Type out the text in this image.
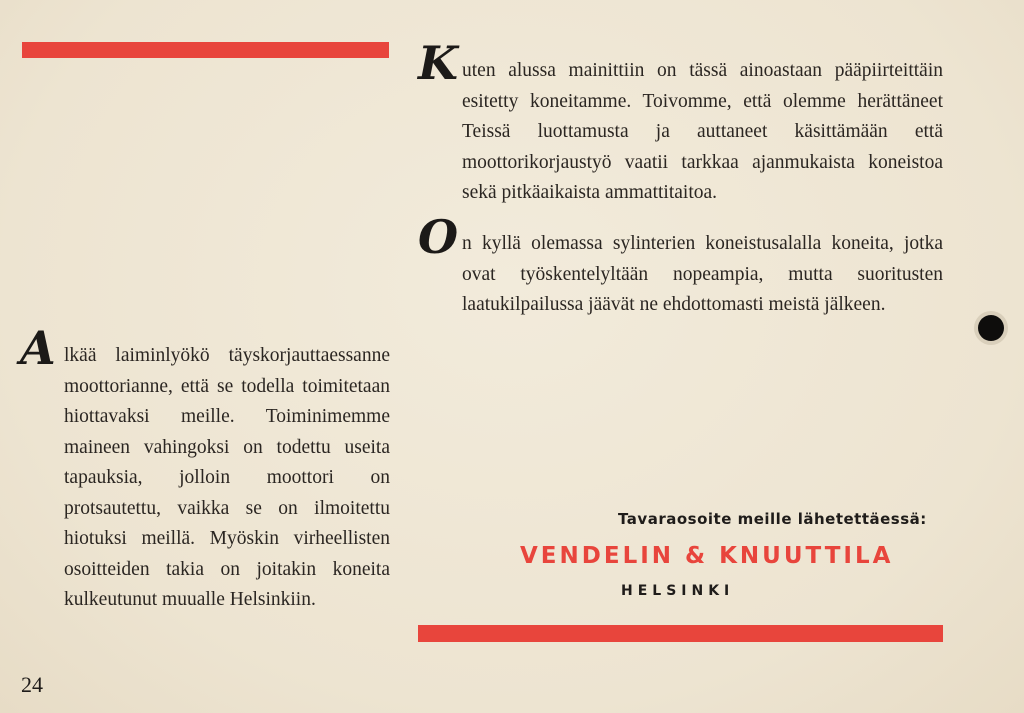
K uten alussa mainittiin on tässä ainoastaan pääpiirteittäin esitetty koneitamme. Toivomme, että olemme herättäneet Teissä luottamusta ja auttaneet käsittämään että moottorikorjaustyö vaatii tarkkaa ajanmukaista koneistoa sekä pitkäaikaista ammattitaitoa.

O n kyllä olemassa sylinterien koneistusalalla koneita, jotka ovat työskentelyltään nopeampia, mutta suoritusten laatukilpailussa jäävät ne ehdottomasti meistä jälkeen.

A lkää laiminlyökö täyskorjauttaessanne moottorianne, että se todella toimitetaan hiottavaksi meille. Toiminimemme maineen vahingoksi on todettu useita tapauksia, jolloin moottori on protsautettu, vaikka se on ilmoitettu hiotuksi meillä. Myöskin virheellisten osoitteiden takia on joitakin koneita kulkeutunut muualle Helsinkiin.

Tavaraosoite meille lähetettäessä:
VENDELIN & KNUUTTILA
HELSINKI
24
